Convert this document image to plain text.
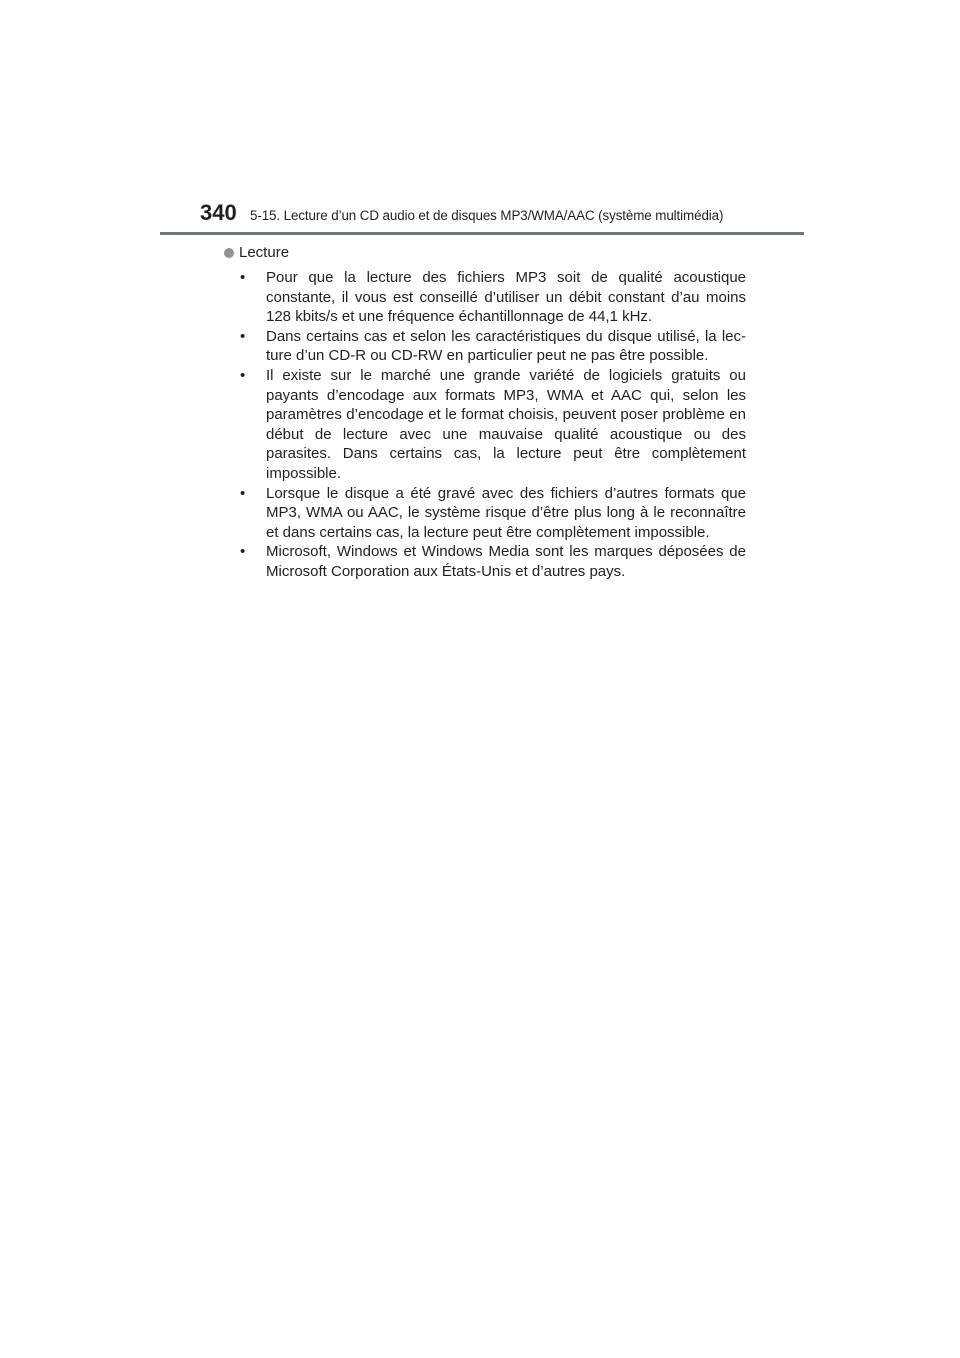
340 5-15. Lecture d’un CD audio et de disques MP3/WMA/AAC (système multimédia)
Lecture
•	Pour que la lecture des fichiers MP3 soit de qualité acoustique constante, il vous est conseillé d’utiliser un débit constant d’au moins 128 kbits/s et une fréquence échantillonnage de 44,1 kHz.
•	Dans certains cas et selon les caractéristiques du disque utilisé, la lec-ture d’un CD-R ou CD-RW en particulier peut ne pas être possible.
•	Il existe sur le marché une grande variété de logiciels gratuits ou payants d’encodage aux formats MP3, WMA et AAC qui, selon les paramètres d’encodage et le format choisis, peuvent poser problème en début de lecture avec une mauvaise qualité acoustique ou des parasites. Dans certains cas, la lecture peut être complètement impossible.
•	Lorsque le disque a été gravé avec des fichiers d’autres formats que MP3, WMA ou AAC, le système risque d’être plus long à le reconnaître et dans certains cas, la lecture peut être complètement impossible.
•	Microsoft, Windows et Windows Media sont les marques déposées de Microsoft Corporation aux États-Unis et d’autres pays.
